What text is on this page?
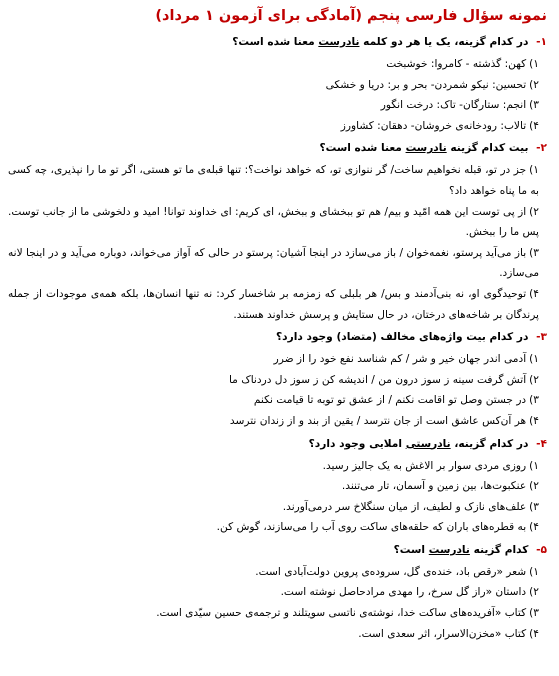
نمونه سؤال فارسی پنجم (آمادگی برای آزمون ۱ مرداد)
۱- در کدام گزینه، یک یا هر دو کلمه نادرست معنا شده است؟
۱)کهن: گذشته - کامروا: خوشبخت
۲)تحسین: نیکو شمردن- بحر و بر: دریا و خشکی
۳)انجم: ستارگان- تاک: درخت انگور
۴)تالاب: رودخانه‌ی خروشان- دهقان: کشاورز
۲- بیت کدام گزینه نادرست معنا شده است؟
۱)جز در تو، قبله نخواهیم ساخت/ گر ننوازی تو، که خواهد نواخت؟: تنها قبله‌ی ما تو هستی، اگر تو ما را نپذیری، چه کسی به ما پناه خواهد داد؟
۲)از پی توست این همه امّید و بیم/ هم تو ببخشای و ببخش، ای کریم: ای خداوند توانا! امید و دلخوشی ما از جانب توست. پس ما را ببخش.
۳)باز می‌آید پرستو، نغمه‌خوان / باز می‌سازد در اینجا آشیان: پرستو در حالی که آواز می‌خواند، دوباره می‌آید و در اینجا لانه می‌سازد.
۴)توحیدگوی او، نه بنی‌آدمند و بس/ هر بلبلی که زمزمه بر شاخسار کرد: نه تنها انسان‌ها، بلکه همه‌ی موجودات از جمله پرندگان بر شاخه‌های درختان، در حال ستایش و پرسش خداوند هستند.
۳- در کدام بیت واژه‌های مخالف (متضاد) وجود دارد؟
۱)آدمی اندر جهان خیر و شر / کم شناسد نفع خود را از ضرر
۲)آتش گرفت سینه ز سوز درون من / اندیشه کن ز سوز دل دردناک ما
۳)در جستن وصل تو اقامت نکنم / از عشق تو توبه تا قیامت نکنم
۴)هر آن‌کس عاشق است از جان نترسد / یقین از بند و از زندان نترسد
۴- در کدام گزینه، نادرستی املایی وجود دارد؟
۱)روزی مردی سوار بر الاغش به یک جالیز رسید.
۲)عنکبوت‌ها، بین زمین و آسمان، تار می‌تنند.
۳)علف‌های نازک و لطیف، از میان سنگلاخ سر درمی‌آورند.
۴)به قطره‌های باران که حلقه‌های ساکت روی آب را می‌سازند، گوش کن.
۵- کدام گزینه نادرست است؟
۱)شعر «رقص باد، خنده‌ی گل، سروده‌ی پروین دولت‌آبادی است.
۲)داستان «راز گل سرخ، را مهدی مرادحاصل نوشته است.
۳)کتاب «آفریده‌های ساکت خدا، نوشته‌ی ناتسی سویتلند و ترجمه‌ی حسین سیّدی است.
۴)کتاب «مخزن‌الاسرار، اثر سعدی است.
